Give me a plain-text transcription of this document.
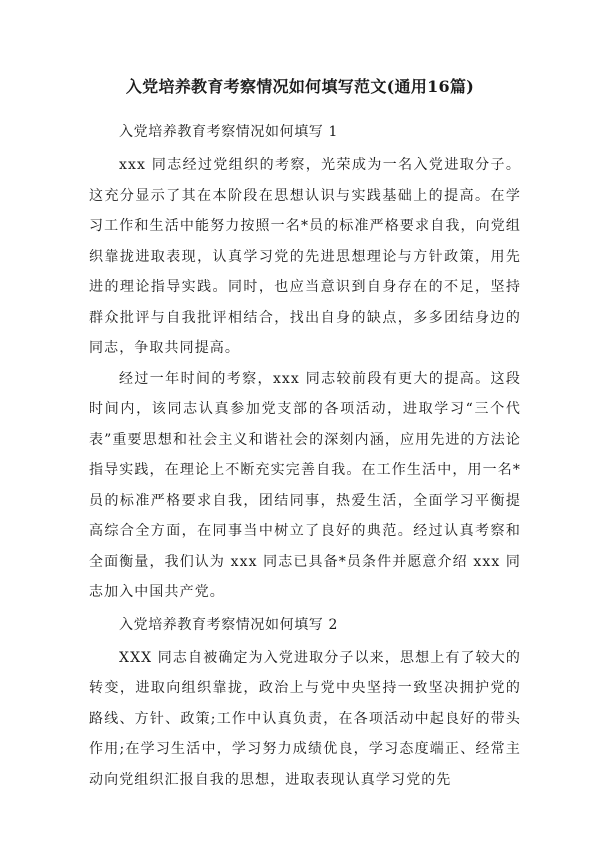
入党培养教育考察情况如何填写范文(通用16篇)

入党培养教育考察情况如何填写 1

xxx 同志经过党组织的考察，光荣成为一名入党进取分子。这充分显示了其在本阶段在思想认识与实践基础上的提高。在学习工作和生活中能努力按照一名*员的标准严格要求自我，向党组织靠拢进取表现，认真学习党的先进思想理论与方针政策，用先进的理论指导实践。同时，也应当意识到自身存在的不足，坚持群众批评与自我批评相结合，找出自身的缺点，多多团结身边的同志，争取共同提高。

经过一年时间的考察，xxx 同志较前段有更大的提高。这段时间内，该同志认真参加党支部的各项活动，进取学习“三个代表”重要思想和社会主义和谐社会的深刻内涵，应用先进的方法论指导实践，在理论上不断充实完善自我。在工作生活中，用一名*员的标准严格要求自我，团结同事，热爱生活，全面学习平衡提高综合全方面，在同事当中树立了良好的典范。经过认真考察和全面衡量，我们认为 xxx 同志已具备*员条件并愿意介绍 xxx 同志加入中国共产党。

入党培养教育考察情况如何填写 2

XXX 同志自被确定为入党进取分子以来，思想上有了较大的转变，进取向组织靠拢，政治上与党中央坚持一致坚决拥护党的路线、方针、政策;工作中认真负责，在各项活动中起良好的带头作用;在学习生活中，学习努力成绩优良，学习态度端正、经常主动向党组织汇报自我的思想，进取表现认真学习党的先
